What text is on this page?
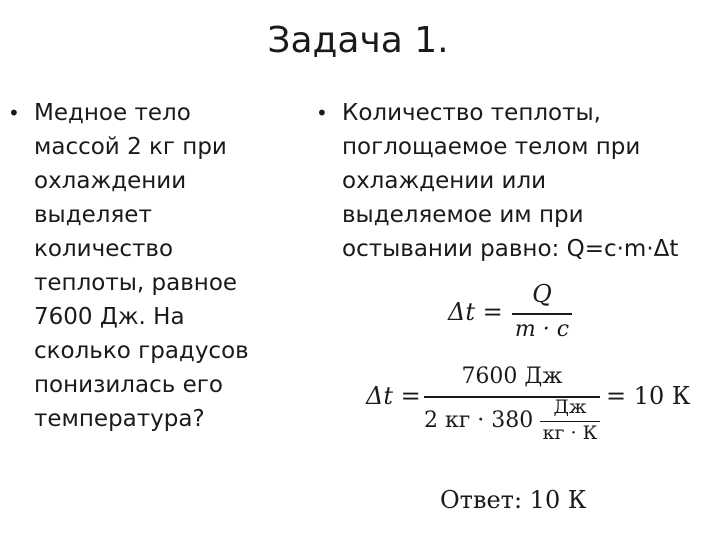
Задача 1.
• Медное тело
массой 2 кг при
охлаждении
выделяет
количество
теплоты, равное
7600 Дж. На
сколько градусов
понизилась его
температура?
• Количество теплоты,
поглощаемое телом при
охлаждении или
выделяемое им при
остывании равно: Q=c·m·Δt
Δt =
Q
m · c
Δt =
7600 Дж
2 кг · 380
Дж
кг · К
= 10 К
Ответ: 10 К
